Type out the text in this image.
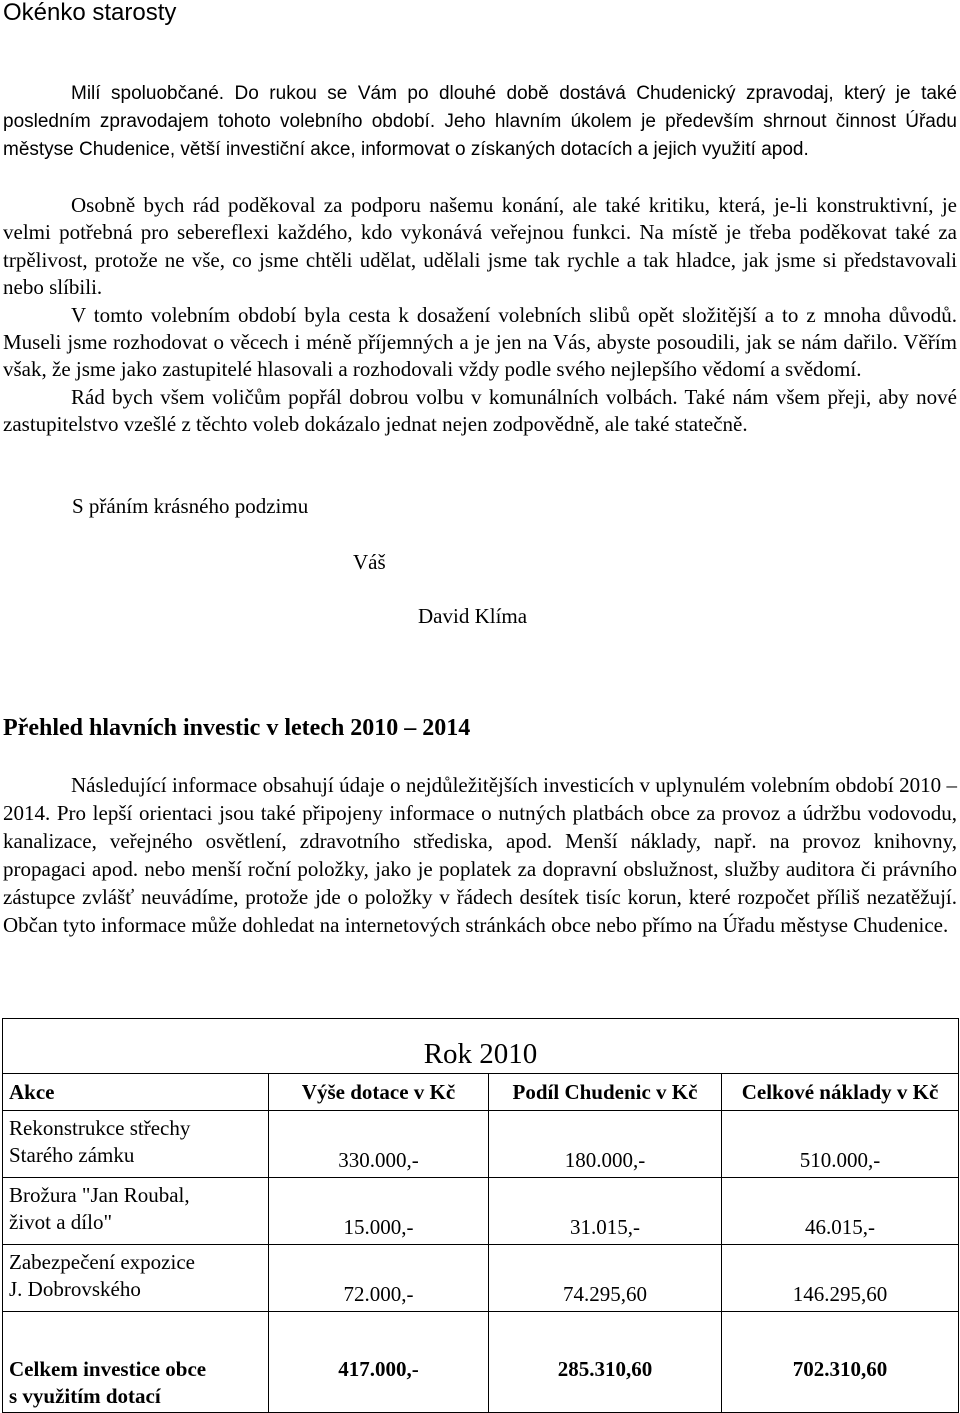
Okénko starosty

Milí spoluobčané. Do rukou se Vám po dlouhé době dostává Chudenický zpravodaj, který je také posledním zpravodajem tohoto volebního období. Jeho hlavním úkolem je především shrnout činnost Úřadu městyse Chudenice, větší investiční akce, informovat o získaných dotacích a jejich využití apod.

Osobně bych rád poděkoval za podporu našemu konání, ale také kritiku, která, je-li konstruktivní, je velmi potřebná pro sebereflexi každého, kdo vykonává veřejnou funkci. Na místě je třeba poděkovat také za trpělivost, protože ne vše, co jsme chtěli udělat, udělali jsme tak rychle a tak hladce, jak jsme si představovali nebo slíbili.

V tomto volebním období byla cesta k dosažení volebních slibů opět složitější a to z mnoha důvodů. Museli jsme rozhodovat o věcech i méně příjemných a je jen na Vás, abyste posoudili, jak se nám dařilo. Věřím však, že jsme jako zastupitelé hlasovali a rozhodovali vždy podle svého nejlepšího vědomí a svědomí.

Rád bych všem voličům popřál dobrou volbu v komunálních volbách. Také nám všem přeji, aby nové zastupitelstvo vzešlé z těchto voleb dokázalo jednat nejen zodpovědně, ale také statečně.

S přáním krásného podzimu
Váš
David Klíma
Přehled hlavních investic v letech 2010 – 2014

Následující informace obsahují údaje o nejdůležitějších investicích v uplynulém volebním období 2010 – 2014. Pro lepší orientaci jsou také připojeny informace o nutných platbách obce za provoz a údržbu vodovodu, kanalizace, veřejného osvětlení, zdravotního střediska, apod. Menší náklady, např. na provoz knihovny, propagaci apod. nebo menší roční položky, jako je poplatek za dopravní obslužnost, služby auditora či právního zástupce zvlášť neuvádíme, protože jde o položky v řádech desítek tisíc korun, které rozpočet příliš nezatěžují. Občan tyto informace může dohledat na internetových stránkách obce nebo přímo na Úřadu městyse Chudenice.

Rok 2010			
Akce	Výše dotace v Kč	Podíl Chudenic v Kč	Celkové náklady v Kč
Rekonstrukce střechy
Starého zámku	330.000,-	180.000,-	510.000,-
Brožura "Jan Roubal,
život a dílo"	15.000,-	31.015,-	46.015,-
Zabezpečení expozice
J. Dobrovského	72.000,-	74.295,60	146.295,60
Celkem investice obce
s využitím dotací	417.000,-	285.310,60	702.310,60
